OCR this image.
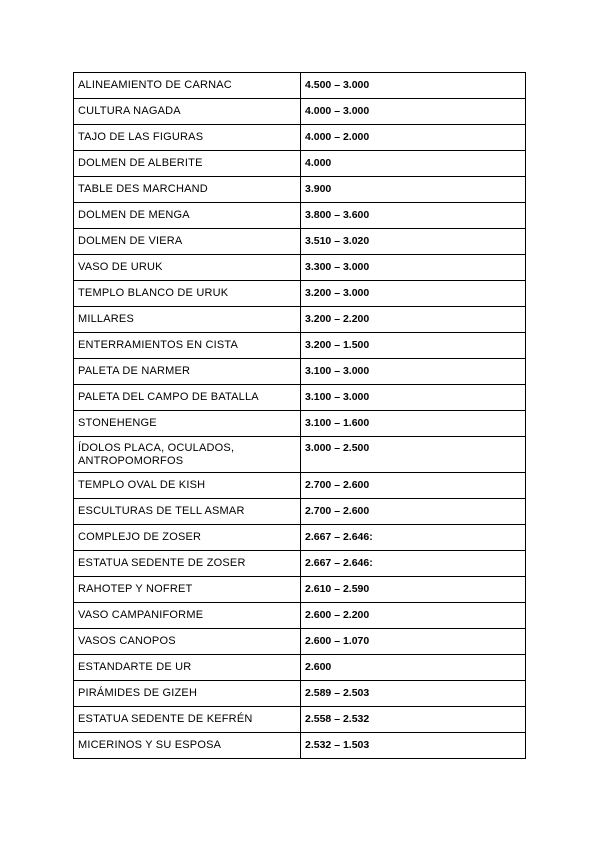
ALINEAMIENTO DE CARNAC	4.500 – 3.000

CULTURA NAGADA	4.000 – 3.000

TAJO DE LAS FIGURAS	4.000 – 2.000

DOLMEN DE ALBERITE	4.000

TABLE DES MARCHAND	3.900

DOLMEN DE MENGA	3.800 – 3.600

DOLMEN DE VIERA	3.510 – 3.020

VASO DE URUK	3.300 – 3.000

TEMPLO BLANCO DE URUK	3.200 – 3.000

MILLARES	3.200 – 2.200

ENTERRAMIENTOS EN CISTA	3.200 – 1.500

PALETA DE NARMER	3.100 – 3.000

PALETA DEL CAMPO DE BATALLA	3.100 – 3.000

STONEHENGE	3.100 – 1.600

ÍDOLOS PLACA, OCULADOS, ANTROPOMORFOS	3.000 – 2.500

TEMPLO OVAL DE KISH	2.700 – 2.600

ESCULTURAS DE TELL ASMAR	2.700 – 2.600

COMPLEJO DE ZOSER	2.667 – 2.646:

ESTATUA SEDENTE DE ZOSER	2.667 – 2.646:

RAHOTEP Y NOFRET	2.610 – 2.590

VASO CAMPANIFORME	2.600 – 2.200

VASOS CANOPOS	2.600 – 1.070

ESTANDARTE DE UR	2.600

PIRÁMIDES DE GIZEH	2.589 – 2.503

ESTATUA SEDENTE DE KEFRÉN	2.558 – 2.532

MICERINOS Y SU ESPOSA	2.532 – 1.503
